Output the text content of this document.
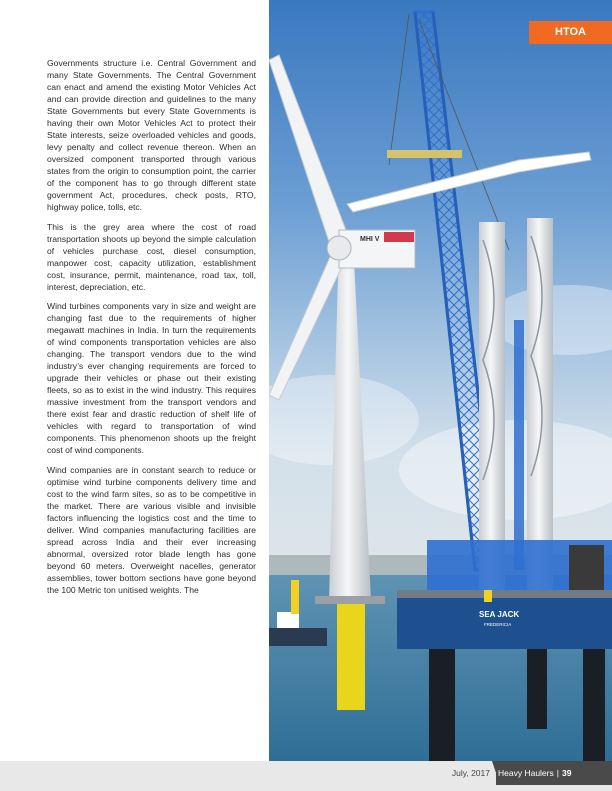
Governments structure i.e. Central Government and many State Governments. The Central Government can enact and amend the existing Motor Vehicles Act and can provide direction and guidelines to the many State Governments but every State Governments is having their own Motor Vehicles Act to protect their State interests, seize overloaded vehicles and goods, levy penalty and collect revenue thereon. When an oversized component transported through various states from the origin to consumption point, the carrier of the component has to go through different state government Act, procedures, check posts, RTO, highway police, tolls, etc.

This is the grey area where the cost of road transportation shoots up beyond the simple calculation of vehicles purchase cost, diesel consumption, manpower cost, capacity utilization, establishment cost, insurance, permit, maintenance, road tax, toll, interest, depreciation, etc.

Wind turbines components vary in size and weight are changing fast due to the requirements of higher megawatt machines in India. In turn the requirements of wind components transportation vehicles are also changing. The transport vendors due to the wind industry’s ever changing requirements are forced to upgrade their vehicles or phase out their existing fleets, so as to exist in the wind industry. This requires massive investment from the transport vendors and there exist fear and drastic reduction of shelf life of vehicles with regard to transportation of wind components. This phenomenon shoots up the freight cost of wind components.

Wind companies are in constant search to reduce or optimise wind turbine components delivery time and cost to the wind farm sites, so as to be competitive in the market. There are various visible and invisible factors influencing the logistics cost and the time to deliver. Wind companies manufacturing facilities are spread across India and their ever increasing abnormal, oversized rotor blade length has gone beyond 60 meters. Overweight nacelles, generator assemblies, tower bottom sections have gone beyond the 100 Metric ton unitised weights. The

MHI V
SEA JACK
FREDERICIA
HTOA
July, 2017 Heavy Haulers | 39
